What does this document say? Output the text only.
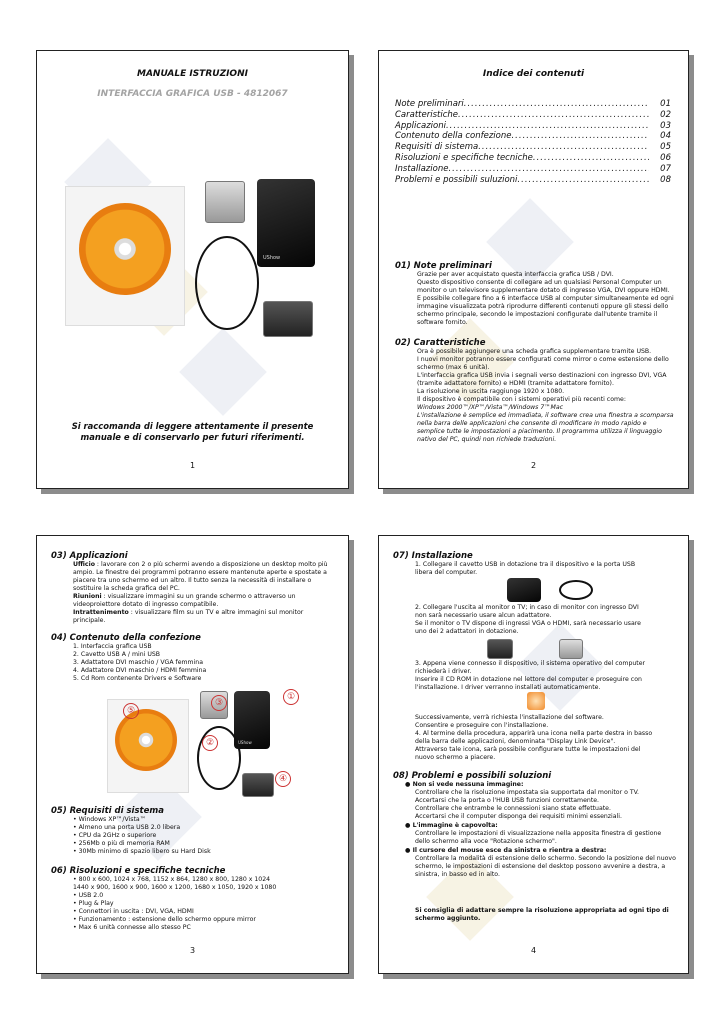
MANUALE ISTRUZIONI
INTERFACCIA GRAFICA USB - 4812067
UShow
Si raccomanda di leggere attentamente il presente manuale e di conservarlo per futuri riferimenti.
1
Indice dei contenuti
Note preliminari .....	01
Caratteristiche .....	02
Applicazioni .....	03
Contenuto della confezione .....	04
Requisiti di sistema .....	05
Risoluzioni e specifiche tecniche .....	06
Installazione .....	07
Problemi e possibili suluzioni .....	08

01) Note preliminari

Grazie per aver acquistato questa interfaccia grafica USB / DVI.
Questo dispositivo consente di collegare ad un qualsiasi Personal Computer un monitor o un televisore supplementare dotato di ingresso VGA, DVI oppure HDMI. E possibile collegare fino a 6 interfacce USB al computer simultaneamente ed ogni immagine visualizzata potrà riprodurre differenti contenuti oppure gli stessi dello schermo principale, secondo le impostazioni configurate dall'utente tramite il software fornito.

02) Caratteristiche

Ora è possibile aggiungere una scheda grafica supplementare tramite USB.
I nuovi monitor potranno essere configurati come mirror o come estensione dello schermo (max 6 unità).
L'interfaccia grafica USB invia i segnali verso destinazioni con ingresso DVI, VGA (tramite adattatore fornito) e HDMI (tramite adattatore fornito).
La risoluzione in uscita raggiunge 1920 x 1080.
Il dispositivo è compatibile con i sistemi operativi più recenti come:
Windows 2000™/XP™/Vista™/Windows 7™Mac
L'installazione è semplice ed immadiata, il software crea una finestra a scomparsa nella barra delle applicazioni che consente di modificare in modo rapido e semplice tutte le impostazioni a piacimento. Il programma utilizza il linguaggio nativo del PC, quindi non richiede traduzioni.
2

03) Applicazioni

Ufficio : lavorare con 2 o più schermi avendo a disposizione un desktop molto più ampio. Le finestre dei programmi potranno essere mantenute aperte e spostate a piacere tra uno schermo ed un altro. Il tutto senza la necessità di installare o sostituire la scheda grafica del PC.
Riunioni : visualizzare immagini su un grande schermo o attraverso un videoproiettore dotato di ingresso compatibile.
Intrattenimento : visualizzare film su un TV e altre immagini sul monitor principale.

04) Contenuto della confezione

1. Interfaccia grafica USB
2. Cavetto USB A / mini USB
3. Adattatore DVI maschio / VGA femmina
4. Adattatore DVI maschio / HDMI femmina
5. Cd Rom contenente Drivers e Software
UShow
①
②
③
④
⑤

05) Requisiti di sistema

• Windows XP™/Vista™
• Almeno una porta USB 2.0 libera
• CPU da 2GHz o superiore
• 256Mb o più di memoria RAM
• 30Mb minimo di spazio libero su Hard Disk

06) Risoluzioni e specifiche tecniche

• 800 x 600, 1024 x 768, 1152 x 864, 1280 x 800, 1280 x 1024
1440 x 900, 1600 x 900, 1600 x 1200, 1680 x 1050, 1920 x 1080
• USB 2.0
• Plug & Play
• Connettori in uscita : DVI, VGA, HDMI
• Funzionamento : estensione dello schermo oppure mirror
• Max 6 unità connesse allo stesso PC
3

07) Installazione

1. Collegare il cavetto USB in dotazione tra il dispositivo e la porta USB
libera del computer.
2. Collegare l'uscita al monitor o TV; in caso di monitor con ingresso DVI
non sarà necessario usare alcun adattatore.
Se il monitor o TV dispone di ingressi VGA o HDMI, sarà necessario usare
uno dei 2 adattatori in dotazione.
3. Appena viene connesso il dispositivo, il sistema operativo del computer
richiederà i driver.
Inserire il CD ROM in dotazione nel lettore del computer e proseguire con
l'installazione. I driver verranno installati automaticamente.
Successivamente, verrà richiesta l'installazione del software.
Consentire e proseguire con l'installazione.
4. Al termine della procedura, apparirà una icona nella parte destra in basso
della barra delle applicazioni, denominata "Display Link Device".
Attraverso tale icona, sarà possibile configurare tutte le impostazioni del
nuovo schermo a piacere.

08) Problemi e possibili soluzioni

● Non si vede nessuna immagine:
Controllare che la risoluzione impostata sia supportata dal monitor o TV.
Accertarsi che la porta o l'HUB USB funzioni correttamente.
Controllare che entrambe le connessioni siano state effettuate.
Accertarsi che il computer disponga dei requisiti minimi essenziali.
● L'immagine è capovolta:
Controllare le impostazioni di visualizzazione nella apposita finestra di gestione dello schermo alla voce "Rotazione schermo".
● Il cursore del mouse esce da sinistra e rientra a destra:
Controllare la modalità di estensione dello schermo. Secondo la posizione del nuovo schermo, le impostazioni di estensione del desktop possono avvenire a destra, a sinistra, in basso ed in alto.
Si consiglia di adattare sempre la risoluzione appropriata ad ogni tipo di schermo aggiunto.
4
